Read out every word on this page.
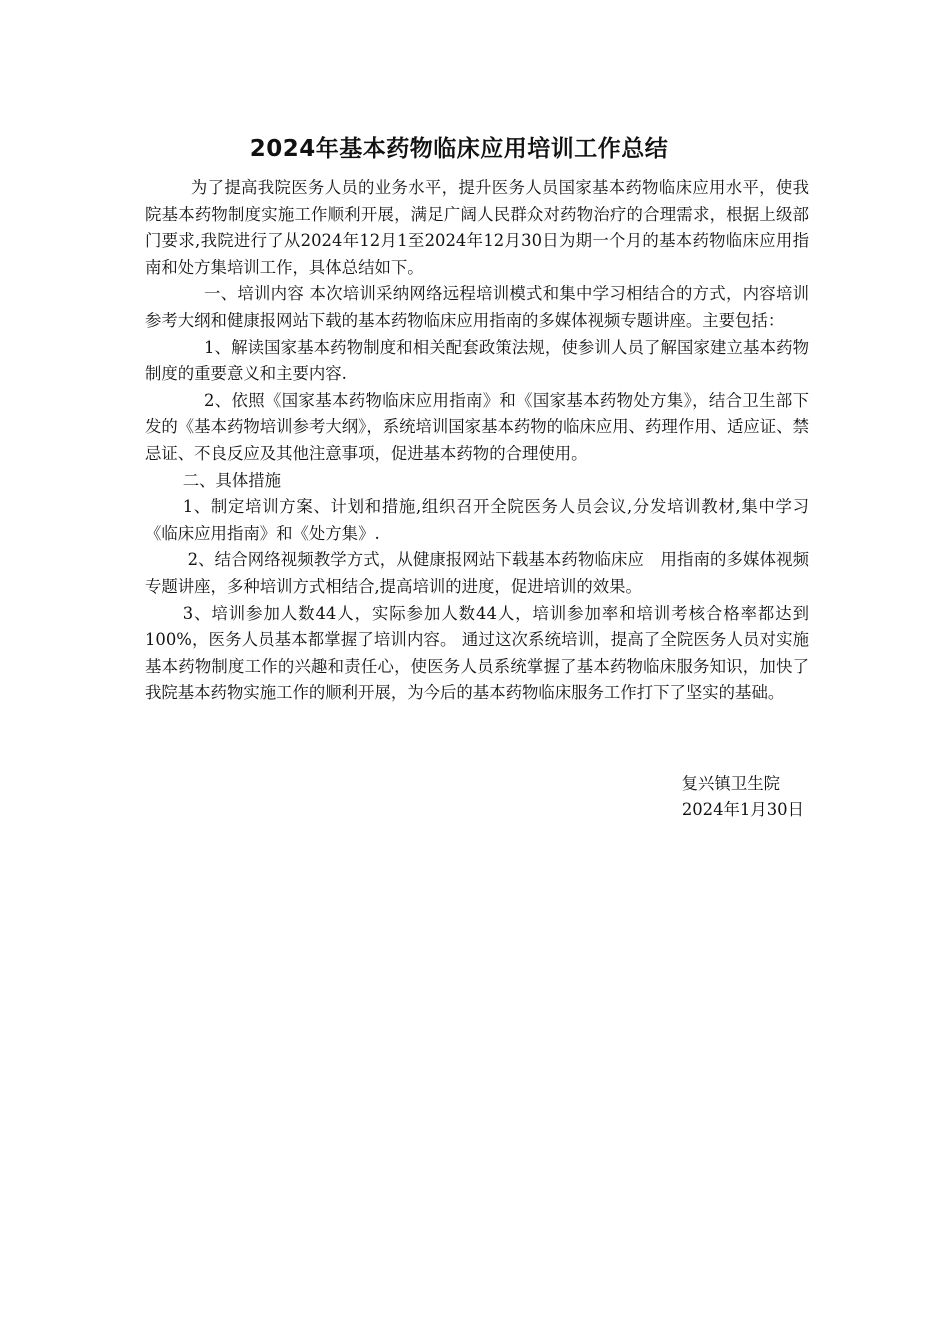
2024年基本药物临床应用培训工作总结

为了提高我院医务人员的业务水平，提升医务人员国家基本药物临床应用水平，使我院基本药物制度实施工作顺利开展，满足广阔人民群众对药物治疗的合理需求，根据上级部门要求,我院进行了从2024年12月1至2024年12月30日为期一个月的基本药物临床应用指南和处方集培训工作，具体总结如下。

一、培训内容 本次培训采纳网络远程培训模式和集中学习相结合的方式，内容培训参考大纲和健康报网站下载的基本药物临床应用指南的多媒体视频专题讲座。主要包括：

1、解读国家基本药物制度和相关配套政策法规，使参训人员了解国家建立基本药物制度的重要意义和主要内容.

2、依照《国家基本药物临床应用指南》和《国家基本药物处方集》，结合卫生部下发的《基本药物培训参考大纲》，系统培训国家基本药物的临床应用、药理作用、适应证、禁忌证、不良反应及其他注意事项，促进基本药物的合理使用。

二、具体措施

1、制定培训方案、计划和措施,组织召开全院医务人员会议,分发培训教材,集中学习《临床应用指南》和《处方集》.

2、结合网络视频教学方式，从健康报网站下载基本药物临床应　用指南的多媒体视频专题讲座，多种培训方式相结合,提高培训的进度，促进培训的效果。

3、培训参加人数44人，实际参加人数44人，培训参加率和培训考核合格率都达到100%，医务人员基本都掌握了培训内容。 通过这次系统培训，提高了全院医务人员对实施基本药物制度工作的兴趣和责任心，使医务人员系统掌握了基本药物临床服务知识，加快了我院基本药物实施工作的顺利开展，为今后的基本药物临床服务工作打下了坚实的基础。

复兴镇卫生院
2024年1月30日
